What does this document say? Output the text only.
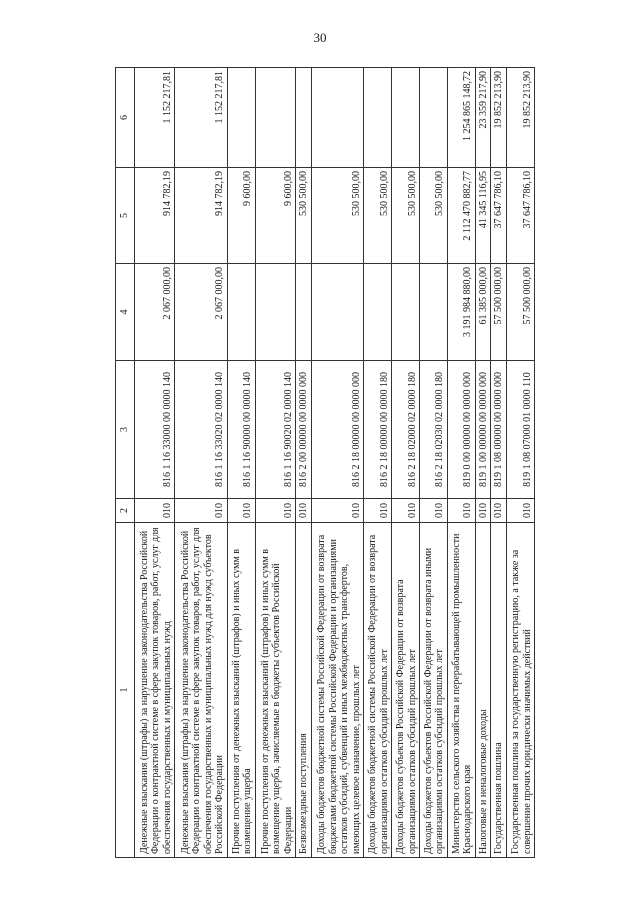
30
1	2	3	4	5	6
Денежные взыскания (штрафы) за нарушение законодательства Российской Федерации о контрактной системе в сфере закупок товаров, работ, услуг для обеспечения государственных и муниципальных нужд	010	816 1 16 33000 00 0000 140	2 067 000,00	914 782,19	1 152 217,81
Денежные взыскания (штрафы) за нарушение законодательства Российской Федерации о контрактной системе в сфере закупок товаров, работ, услуг для обеспечения государственных и муниципальных нужд для нужд субъектов Российской Федерации	010	816 1 16 33020 02 0000 140	2 067 000,00	914 782,19	1 152 217,81
Прочие поступления от денежных взысканий (штрафов) и иных сумм в возмещение ущерба	010	816 1 16 90000 00 0000 140		9 600,00	
Прочие поступления от денежных взысканий (штрафов) и иных сумм в возмещение ущерба, зачисляемые в бюджеты субъектов Российской Федерации	010	816 1 16 90020 02 0000 140		9 600,00	
Безвозмездные поступления	010	816 2 00 00000 00 0000 000		530 500,00	
Доходы бюджетов бюджетной системы Российской Федерации от возврата бюджетами бюджетной системы Российской Федерации и организациями остатков субсидий, субвенций и иных межбюджетных трансфертов, имеющих целевое назначение, прошлых лет	010	816 2 18 00000 00 0000 000		530 500,00	
Доходы бюджетов бюджетной системы Российской Федерации от возврата организациями остатков субсидий прошлых лет	010	816 2 18 00000 00 0000 180		530 500,00	
Доходы бюджетов субъектов Российской Федерации от возврата организациями остатков субсидий прошлых лет	010	816 2 18 02000 02 0000 180		530 500,00	
Доходы бюджетов субъектов Российской Федерации от возврата иными организациями остатков субсидий прошлых лет	010	816 2 18 02030 02 0000 180		530 500,00	
Министерство сельского хозяйства и перерабатывающей промышленности Краснодарского края	010	819 0 00 00000 00 0000 000	3 191 984 880,00	2 112 470 882,77	1 254 865 148,72
Налоговые и неналоговые доходы	010	819 1 00 00000 00 0000 000	61 385 000,00	41 345 116,95	23 359 217,90
Государственная пошлина	010	819 1 08 00000 00 0000 000	57 500 000,00	37 647 786,10	19 852 213,90
Государственная пошлина за государственную регистрацию, а также за совершение прочих юридически значимых действий	010	819 1 08 07000 01 0000 110	57 500 000,00	37 647 786,10	19 852 213,90
